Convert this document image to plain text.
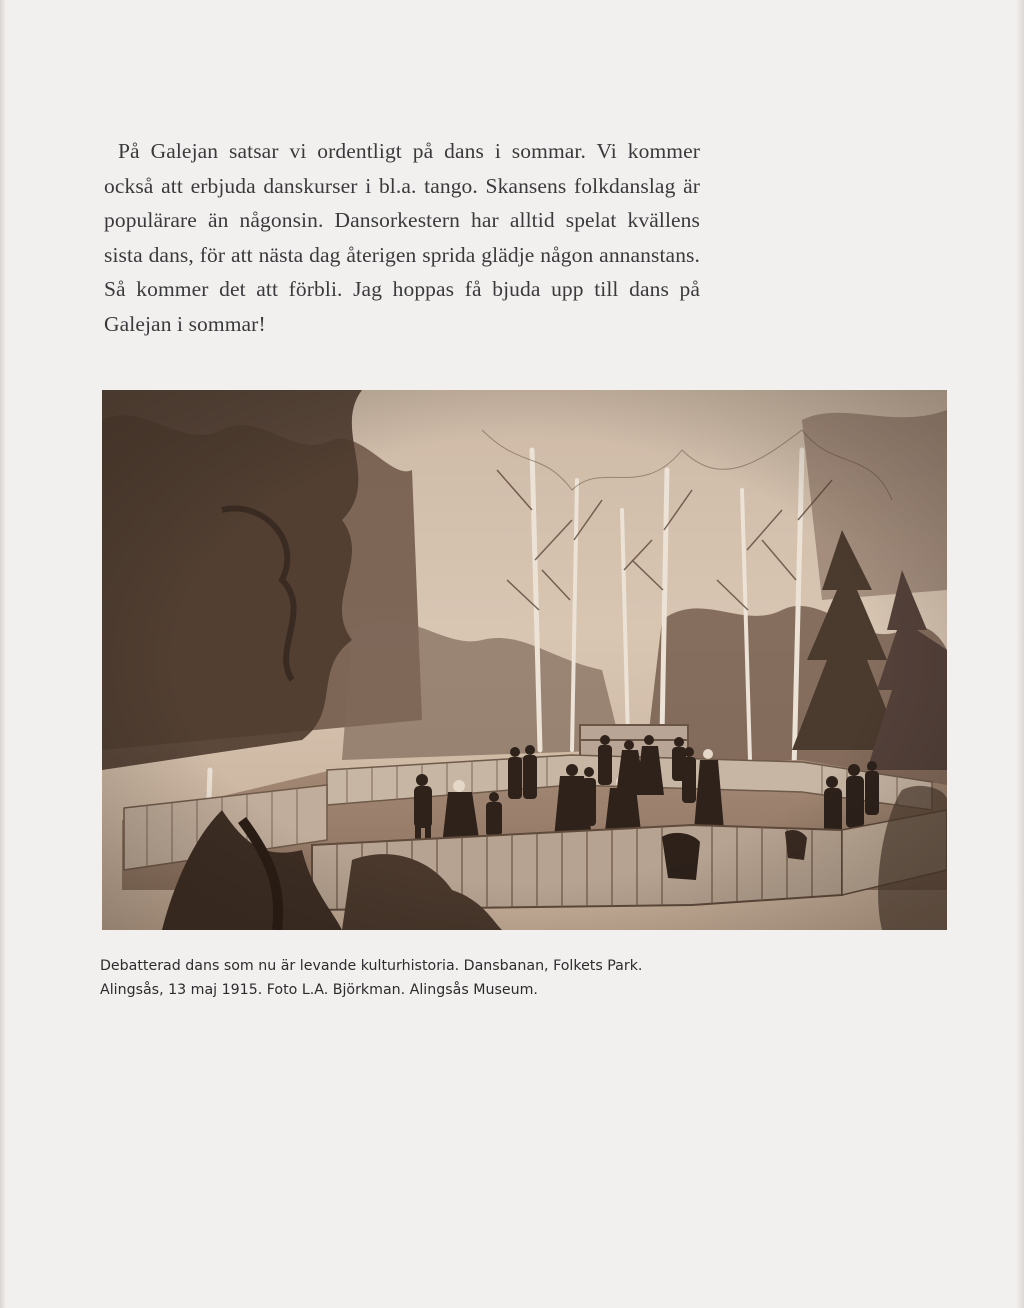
På Galejan satsar vi ordentligt på dans i sommar. Vi kommer också att erbjuda danskurser i bl.a. tango. Skansens folkdanslag är populärare än någonsin. Dansorkestern har alltid spelat kvällens sista dans, för att nästa dag återigen sprida glädje någon annanstans. Så kommer det att förbli. Jag hoppas få bjuda upp till dans på Galejan i sommar!

Debatterad dans som nu är levande kulturhistoria. Dansbanan, Folkets Park.
Alingsås, 13 maj 1915. Foto L.A. Björkman. Alingsås Museum.
